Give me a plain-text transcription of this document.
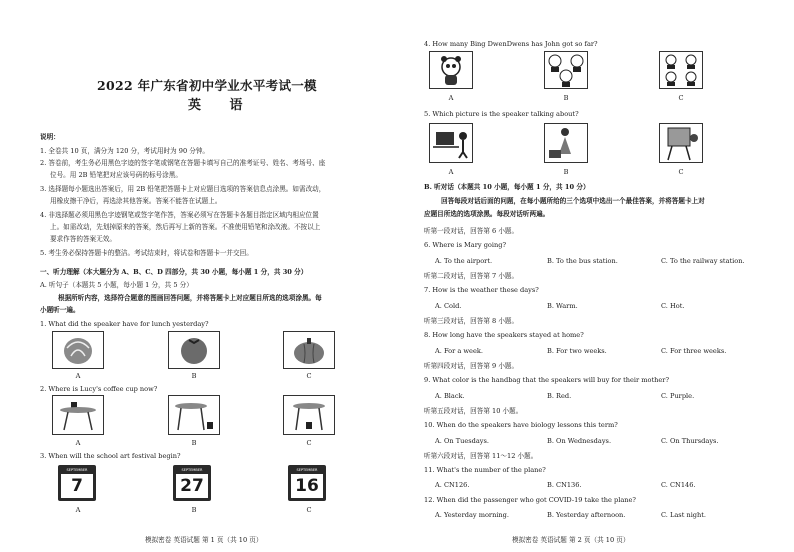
2022 年广东省初中学业水平考试一模
英 语
说明：
1. 全卷共 10 页，满分为 120 分，考试用时为 90 分钟。
2. 答卷前，考生务必用黑色字迹的签字笔或钢笔在答题卡填写自己的准考证号、姓名、考场号、座
位号。用 2B 铅笔把对应该号码的标号涂黑。
3. 选择题每小题选出答案后，用 2B 铅笔把答题卡上对应题目选项的答案信息点涂黑。如需改动，
用橡皮擦干净后，再选涂其他答案。答案不能答在试题上。
4. 非选择题必须用黑色字迹钢笔或签字笔作答，答案必须写在答题卡各题目指定区域内相应位置
上。如需改动，先划掉原来的答案，然后再写上新的答案。不准使用铅笔和涂改液。不按以上
要求作答的答案无效。
5. 考生务必保持答题卡的整洁。考试结束时，将试卷和答题卡一并交回。
一、听力理解（本大题分为 A、B、C、D 四部分，共 30 小题，每小题 1 分，共 30 分）
A. 听句子（本题共 5 小题，每小题 1 分，共 5 分）
根据所听内容，选择符合题意的图画回答问题，并将答题卡上对应题目所选的选项涂黑。每
小题听一遍。
1. What did the speaker have for lunch yesterday?
A	B	C
2. Where is Lucy's coffee cup now?
A	B	C
3. When will the school art festival begin?
SEPTEMBER
7
SEPTEMBER
27
SEPTEMBER
16
A	B	C
模拟密卷 英语试题 第 1 页（共 10 页）
4. How many Bing DwenDwens has John got so far?
A	B	C
5. Which picture is the speaker talking about?
A	B	C
B. 听对话（本题共 10 小题，每小题 1 分，共 10 分）
回答每段对话后面的问题，在每小题所给的三个选项中选出一个最佳答案，并将答题卡上对
应题目所选的选项涂黑。每段对话听两遍。
听第一段对话，回答第 6 小题。
6. Where is Mary going?
A. To the airport.	B. To the bus station.	C. To the railway station.
听第二段对话，回答第 7 小题。
7. How is the weather these days?
A. Cold.	B. Warm.	C. Hot.
听第三段对话，回答第 8 小题。
8. How long have the speakers stayed at home?
A. For a week.	B. For two weeks.	C. For three weeks.
听第四段对话，回答第 9 小题。
9. What color is the handbag that the speakers will buy for their mother?
A. Black.	B. Red.	C. Purple.
听第五段对话，回答第 10 小题。
10. When do the speakers have biology lessons this term?
A. On Tuesdays.	B. On Wednesdays.	C. On Thursdays.
听第六段对话，回答第 11～12 小题。
11. What's the number of the plane?
A. CN126.	B. CN136.	C. CN146.
12. When did the passenger who got COVID-19 take the plane?
A. Yesterday morning.	B. Yesterday afternoon.	C. Last night.
模拟密卷 英语试题 第 2 页（共 10 页）
